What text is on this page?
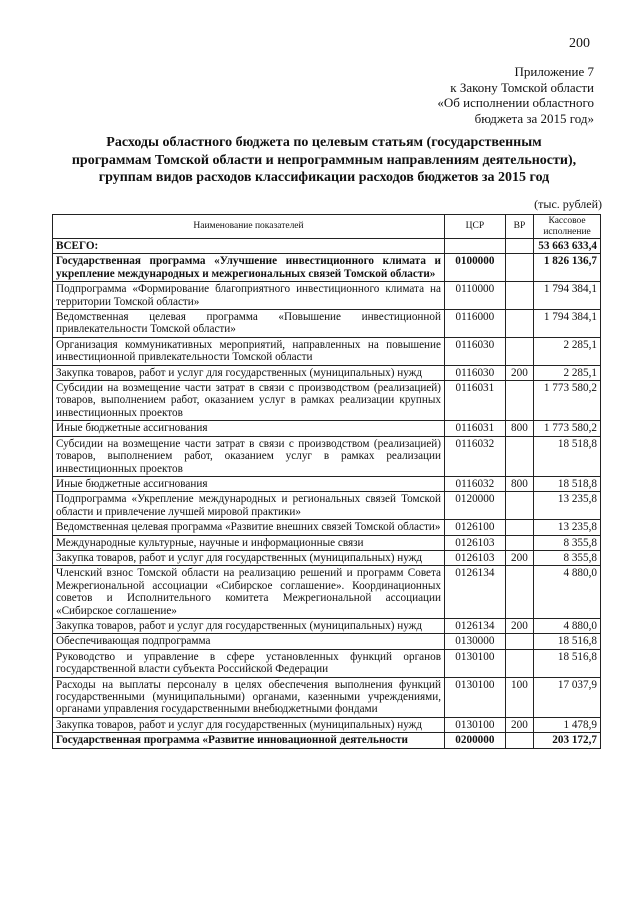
200
Приложение 7
к Закону Томской области
«Об исполнении областного
бюджета за 2015 год»
Расходы областного бюджета по целевым статьям (государственным
программам Томской области и непрограммным направлениям деятельности),
группам видов расходов классификации расходов бюджетов за 2015 год
(тыс. рублей)
Наименование показателей	ЦСР	ВР	Кассовое исполнение
ВСЕГО:			53 663 633,4
Государственная программа «Улучшение инвестиционного климата и укрепление международных и межрегиональных связей Томской области»	0100000		1 826 136,7
Подпрограмма «Формирование благоприятного инвестиционного климата на территории Томской области»	0110000		1 794 384,1
Ведомственная целевая программа «Повышение инвестиционной привлекательности Томской области»	0116000		1 794 384,1
Организация коммуникативных мероприятий, направленных на повышение инвестиционной привлекательности Томской области	0116030		2 285,1
Закупка товаров, работ и услуг для государственных (муниципальных) нужд	0116030	200	2 285,1
Субсидии на возмещение части затрат в связи с производством (реализацией) товаров, выполнением работ, оказанием услуг в рамках реализации крупных инвестиционных проектов	0116031		1 773 580,2
Иные бюджетные ассигнования	0116031	800	1 773 580,2
Субсидии на возмещение части затрат в связи с производством (реализацией) товаров, выполнением работ, оказанием услуг в рамках реализации инвестиционных проектов	0116032		18 518,8
Иные бюджетные ассигнования	0116032	800	18 518,8
Подпрограмма «Укрепление международных и региональных связей Томской области и привлечение лучшей мировой практики»	0120000		13 235,8
Ведомственная целевая программа «Развитие внешних связей Томской области»	0126100		13 235,8
Международные культурные, научные и информационные связи	0126103		8 355,8
Закупка товаров, работ и услуг для государственных (муниципальных) нужд	0126103	200	8 355,8
Членский взнос Томской области на реализацию решений и программ Совета Межрегиональной ассоциации «Сибирское соглашение». Координационных советов и Исполнительного комитета Межрегиональной ассоциации «Сибирское соглашение»	0126134		4 880,0
Закупка товаров, работ и услуг для государственных (муниципальных) нужд	0126134	200	4 880,0
Обеспечивающая подпрограмма	0130000		18 516,8
Руководство и управление в сфере установленных функций органов государственной власти субъекта Российской Федерации	0130100		18 516,8
Расходы на выплаты персоналу в целях обеспечения выполнения функций государственными (муниципальными) органами, казенными учреждениями, органами управления государственными внебюджетными фондами	0130100	100	17 037,9
Закупка товаров, работ и услуг для государственных (муниципальных) нужд	0130100	200	1 478,9
Государственная программа «Развитие инновационной деятельности	0200000		203 172,7
